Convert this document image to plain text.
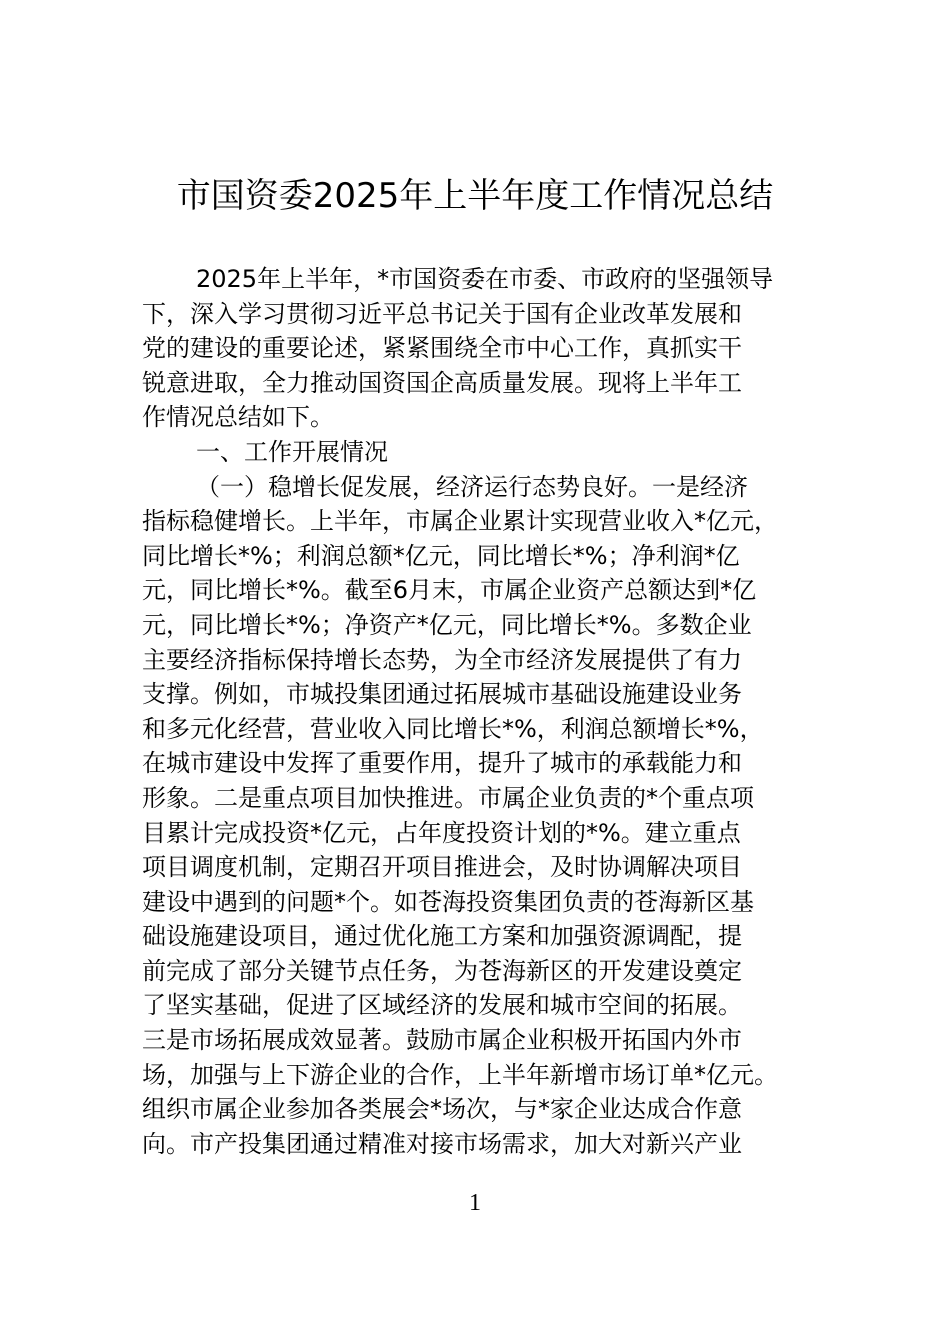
市国资委2025年上半年度工作情况总结
2025年上半年，*市国资委在市委、市政府的坚强领导
下，深入学习贯彻习近平总书记关于国有企业改革发展和
党的建设的重要论述，紧紧围绕全市中心工作，真抓实干
锐意进取，全力推动国资国企高质量发展。现将上半年工
作情况总结如下。
一、工作开展情况
（一）稳增长促发展，经济运行态势良好。一是经济
指标稳健增长。上半年，市属企业累计实现营业收入*亿元，
同比增长*%；利润总额*亿元，同比增长*%；净利润*亿
元，同比增长*%。截至6月末，市属企业资产总额达到*亿
元，同比增长*%；净资产*亿元，同比增长*%。多数企业
主要经济指标保持增长态势，为全市经济发展提供了有力
支撑。例如，市城投集团通过拓展城市基础设施建设业务
和多元化经营，营业收入同比增长*%，利润总额增长*%，
在城市建设中发挥了重要作用，提升了城市的承载能力和
形象。二是重点项目加快推进。市属企业负责的*个重点项
目累计完成投资*亿元，占年度投资计划的*%。建立重点
项目调度机制，定期召开项目推进会，及时协调解决项目
建设中遇到的问题*个。如苍海投资集团负责的苍海新区基
础设施建设项目，通过优化施工方案和加强资源调配，提
前完成了部分关键节点任务，为苍海新区的开发建设奠定
了坚实基础，促进了区域经济的发展和城市空间的拓展。
三是市场拓展成效显著。鼓励市属企业积极开拓国内外市
场，加强与上下游企业的合作，上半年新增市场订单*亿元。
组织市属企业参加各类展会*场次，与*家企业达成合作意
向。市产投集团通过精准对接市场需求，加大对新兴产业
1
